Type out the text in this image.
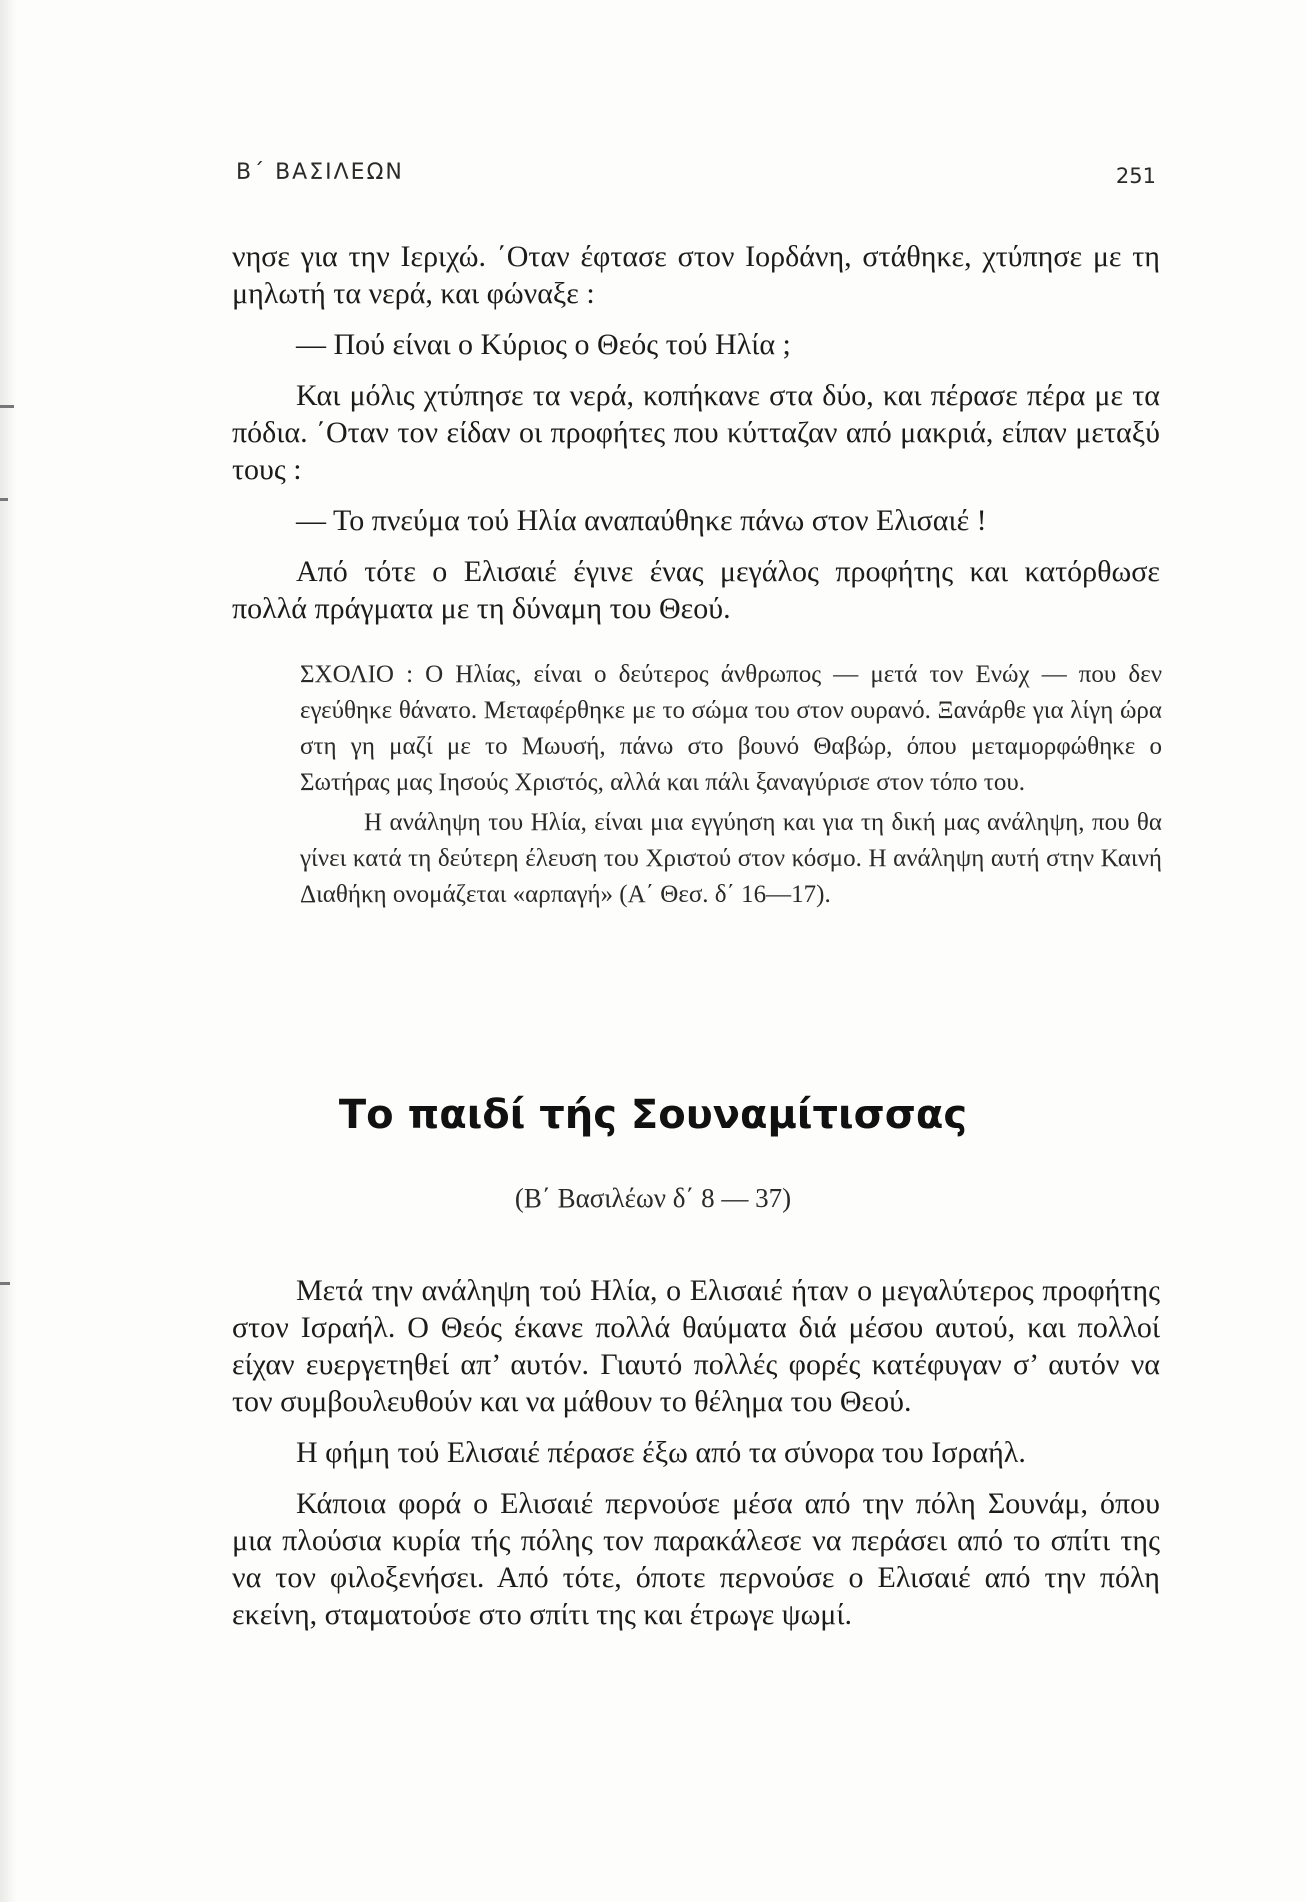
Β΄ ΒΑΣΙΛΕΩΝ	251

νησε για την Ιεριχώ. ΄Οταν έφτασε στον Ιορδάνη, στάθηκε, χτύπησε με τη μηλωτή τα νερά, και φώναξε :

— Πού είναι ο Κύριος ο Θεός τού Ηλία ;

Και μόλις χτύπησε τα νερά, κοπήκανε στα δύο, και πέρασε πέρα με τα πόδια. ΄Οταν τον είδαν οι προφήτες που κύτταζαν από μακριά, είπαν μεταξύ τους :

— Το πνεύμα τού Ηλία αναπαύθηκε πάνω στον Ελισαιέ !

Από τότε ο Ελισαιέ έγινε ένας μεγάλος προφήτης και κατόρθωσε πολλά πράγματα με τη δύναμη του Θεού.

ΣΧΟΛΙΟ : Ο Ηλίας, είναι ο δεύτερος άνθρωπος — μετά τον Ενώχ — που δεν εγεύθηκε θάνατο. Μεταφέρθηκε με το σώμα του στον ουρανό. Ξανάρθε για λίγη ώρα στη γη μαζί με το Μωυσή, πάνω στο βουνό Θαβώρ, όπου μεταμορφώθηκε ο Σωτήρας μας Ιησούς Χριστός, αλλά και πάλι ξαναγύρισε στον τόπο του.

Η ανάληψη του Ηλία, είναι μια εγγύηση και για τη δική μας ανάληψη, που θα γίνει κατά τη δεύτερη έλευση του Χριστού στον κόσμο. Η ανάληψη αυτή στην Καινή Διαθήκη ονομάζεται «αρπαγή» (Α΄ Θεσ. δ΄ 16—17).

Το παιδί τής Σουναμίτισσας
(Β΄ Βασιλέων δ΄ 8 — 37)

Μετά την ανάληψη τού Ηλία, ο Ελισαιέ ήταν ο μεγαλύτερος προφήτης στον Ισραήλ. Ο Θεός έκανε πολλά θαύματα διά μέσου αυτού, και πολλοί είχαν ευεργετηθεί απ’ αυτόν. Γιαυτό πολλές φορές κατέφυγαν σ’ αυτόν να τον συμβουλευθούν και να μάθουν το θέλημα του Θεού.

Η φήμη τού Ελισαιέ πέρασε έξω από τα σύνορα του Ισραήλ.

Κάποια φορά ο Ελισαιέ περνούσε μέσα από την πόλη Σουνάμ, όπου μια πλούσια κυρία τής πόλης τον παρακάλεσε να περάσει από το σπίτι της να τον φιλοξενήσει. Από τότε, όποτε περνούσε ο Ελισαιέ από την πόλη εκείνη, σταματούσε στο σπίτι της και έτρωγε ψωμί.
